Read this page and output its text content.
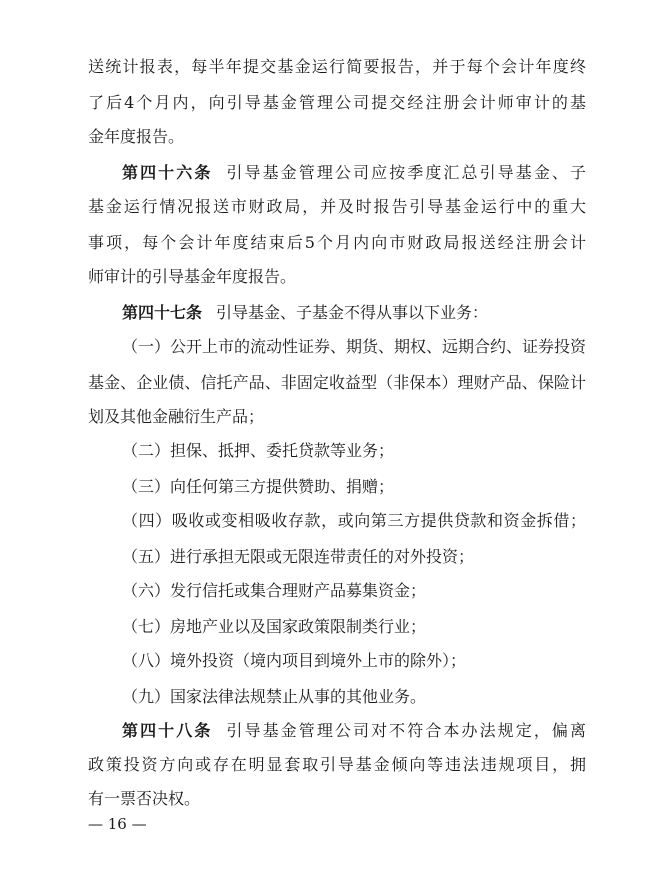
送统计报表，每半年提交基金运行简要报告，并于每个会计年度终
了后4个月内，向引导基金管理公司提交经注册会计师审计的基
金年度报告。
第四十六条 引导基金管理公司应按季度汇总引导基金、子
基金运行情况报送市财政局，并及时报告引导基金运行中的重大
事项，每个会计年度结束后5个月内向市财政局报送经注册会计
师审计的引导基金年度报告。
第四十七条 引导基金、子基金不得从事以下业务：
（一）公开上市的流动性证券、期货、期权、远期合约、证券投资
基金、企业债、信托产品、非固定收益型（非保本）理财产品、保险计
划及其他金融衍生产品；
（二）担保、抵押、委托贷款等业务；
（三）向任何第三方提供赞助、捐赠；
（四）吸收或变相吸收存款，或向第三方提供贷款和资金拆借；
（五）进行承担无限或无限连带责任的对外投资；
（六）发行信托或集合理财产品募集资金；
（七）房地产业以及国家政策限制类行业；
（八）境外投资（境内项目到境外上市的除外）；
（九）国家法律法规禁止从事的其他业务。
第四十八条 引导基金管理公司对不符合本办法规定，偏离
政策投资方向或存在明显套取引导基金倾向等违法违规项目，拥
有一票否决权。
— 16 —
